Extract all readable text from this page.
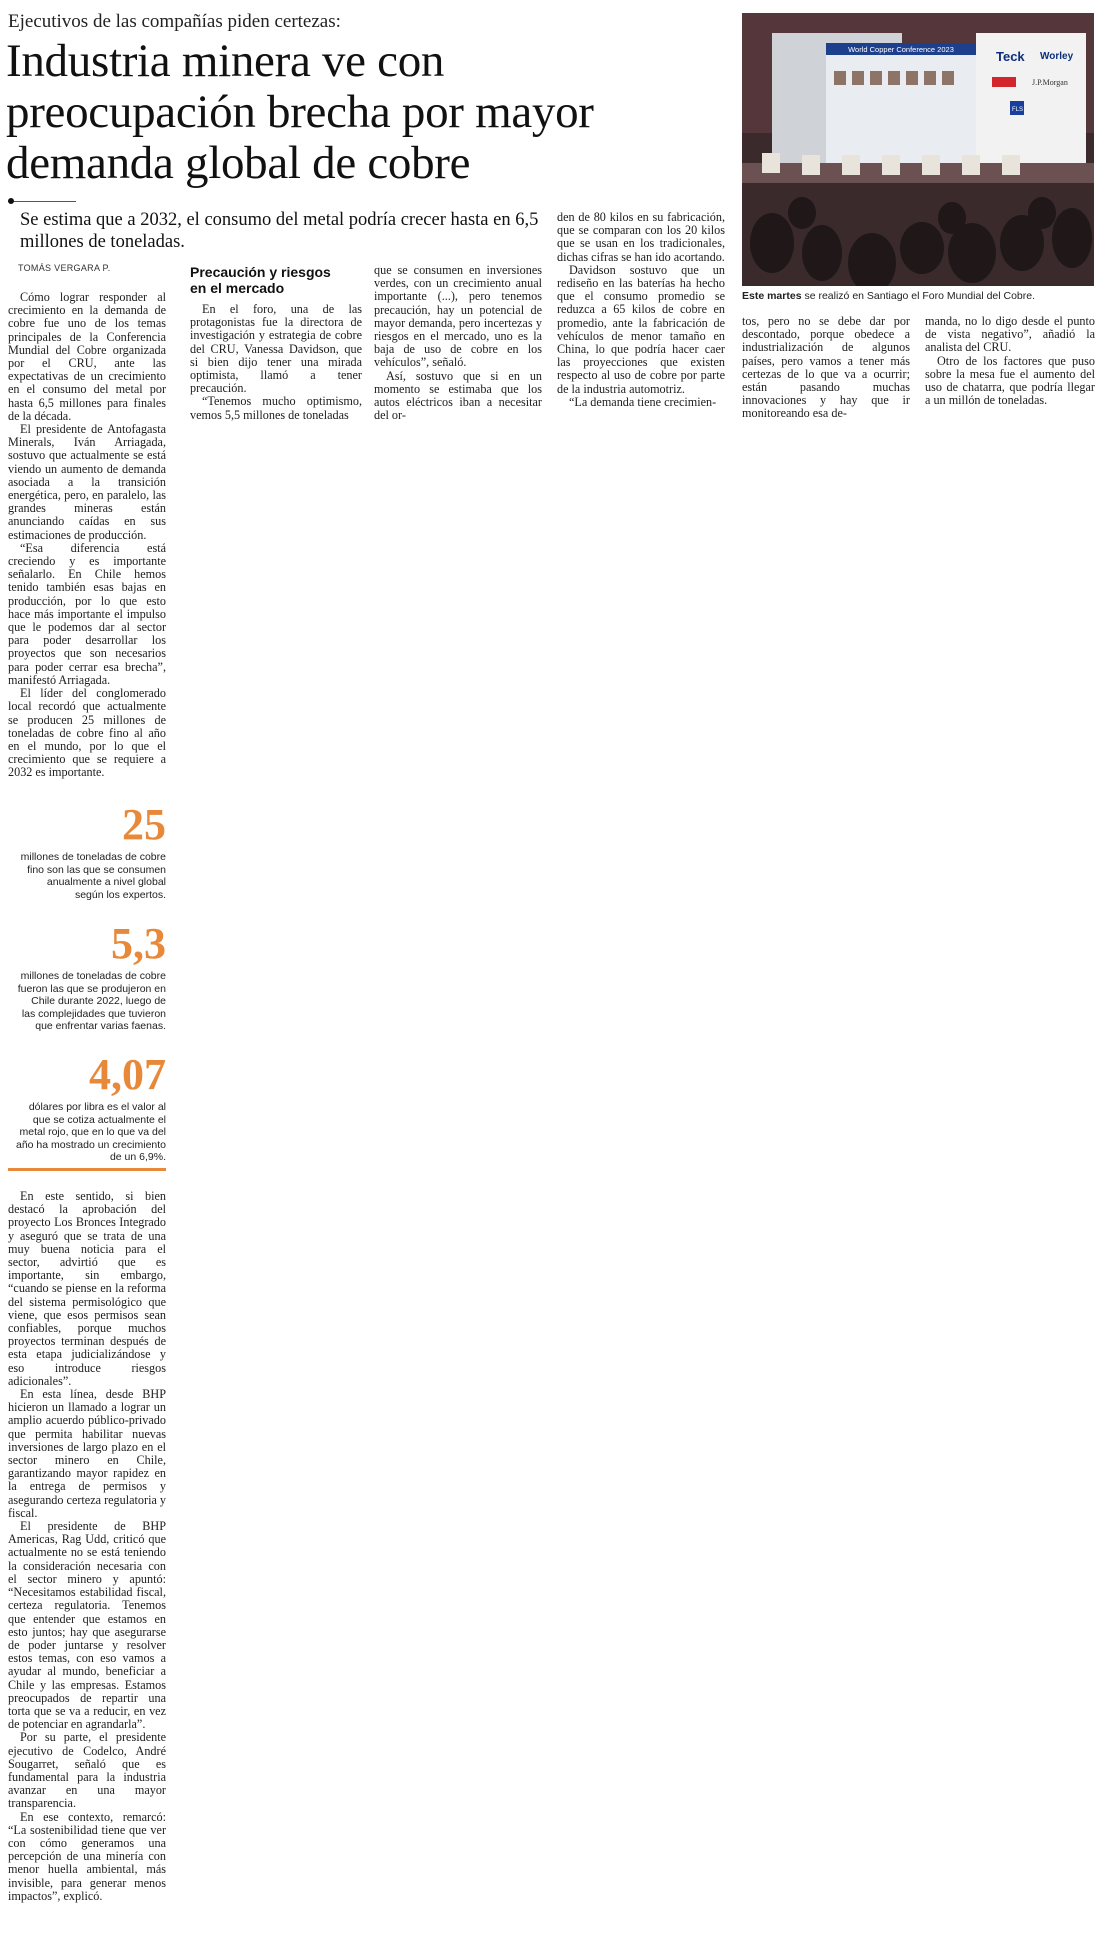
Ejecutivos de las compañías piden certezas:
Industria minera ve con
preocupación brecha por mayor
demanda global de cobre
Se estima que a 2032, el consumo del metal podría crecer hasta en 6,5 millones de toneladas.
TOMÁS VERGARA P.

Cómo lograr responder al crecimiento en la demanda de cobre fue uno de los temas principales de la Conferencia Mundial del Cobre organizada por el CRU, ante las expectativas de un crecimiento en el consumo del metal por hasta 6,5 millones para finales de la década.

El presidente de Antofagasta Minerals, Iván Arriagada, sostuvo que actualmente se está viendo un aumento de demanda asociada a la transición energética, pero, en paralelo, las grandes mineras están anunciando caídas en sus estimaciones de producción.

“Esa diferencia está creciendo y es importante señalarlo. En Chile hemos tenido también esas bajas en producción, por lo que esto hace más importante el impulso que le podemos dar al sector para poder desarrollar los proyectos que son necesarios para poder cerrar esa brecha”, manifestó Arriagada.

El líder del conglomerado local recordó que actualmente se producen 25 millones de toneladas de cobre fino al año en el mundo, por lo que el crecimiento que se requiere a 2032 es importante.

25
millones de toneladas de cobre fino son las que se consumen anualmente a nivel global según los expertos.
5,3
millones de toneladas de cobre fueron las que se produjeron en Chile durante 2022, luego de las complejidades que tuvieron que enfrentar varias faenas.
4,07
dólares por libra es el valor al que se cotiza actualmente el metal rojo, que en lo que va del año ha mostrado un crecimiento de un 6,9%.

En este sentido, si bien destacó la aprobación del proyecto Los Bronces Integrado y aseguró que se trata de una muy buena noticia para el sector, advirtió que es importante, sin embargo, “cuando se piense en la reforma del sistema permisológico que viene, que esos permisos sean confiables, porque muchos proyectos terminan después de esta etapa judicializándose y eso introduce riesgos adicionales”.

En esta línea, desde BHP hicieron un llamado a lograr un amplio acuerdo público-privado que permita habilitar nuevas inversiones de largo plazo en el sector minero en Chile, garantizando mayor rapidez en la entrega de permisos y asegurando certeza regulatoria y fiscal.

El presidente de BHP Americas, Rag Udd, criticó que actualmente no se está teniendo la consideración necesaria con el sector minero y apuntó: “Necesitamos estabilidad fiscal, certeza regulatoria. Tenemos que entender que estamos en esto juntos; hay que asegurarse de poder juntarse y resolver estos temas, con eso vamos a ayudar al mundo, beneficiar a Chile y las empresas. Estamos preocupados de repartir una torta que se va a reducir, en vez de potenciar en agrandarla”.

Por su parte, el presidente ejecutivo de Codelco, André Sougarret, señaló que es fundamental para la industria avanzar en una mayor transparencia.

En ese contexto, remarcó: “La sostenibilidad tiene que ver con cómo generamos una percepción de una minería con menor huella ambiental, más invisible, para generar menos impactos”, explicó.

Precaución y riesgos en el mercado

En el foro, una de las protagonistas fue la directora de investigación y estrategia de cobre del CRU, Vanessa Davidson, que si bien dijo tener una mirada optimista, llamó a tener precaución.

“Tenemos mucho optimismo, vemos 5,5 millones de toneladas

que se consumen en inversiones verdes, con un crecimiento anual importante (...), pero tenemos precaución, hay un potencial de mayor demanda, pero incertezas y riesgos en el mercado, uno es la baja de uso de cobre en los vehículos”, señaló.

Así, sostuvo que si en un momento se estimaba que los autos eléctricos iban a necesitar del or-

den de 80 kilos en su fabricación, que se comparan con los 20 kilos que se usan en los tradicionales, dichas cifras se han ido acortando.

Davidson sostuvo que un rediseño en las baterías ha hecho que el consumo promedio se reduzca a 65 kilos de cobre en promedio, ante la fabricación de vehículos de menor tamaño en China, lo que podría hacer caer las proyecciones que existen respecto al uso de cobre por parte de la industria automotriz.

“La demanda tiene crecimien-

World Copper Conference 2023	Teck Worley
J.P.Morgan
FLS
Este martes se realizó en Santiago el Foro Mundial del Cobre.

tos, pero no se debe dar por descontado, porque obedece a industrialización de algunos países, pero vamos a tener más certezas de lo que va a ocurrir; están pasando muchas innovaciones y hay que ir monitoreando esa de-

manda, no lo digo desde el punto de vista negativo”, añadió la analista del CRU.

Otro de los factores que puso sobre la mesa fue el aumento del uso de chatarra, que podría llegar a un millón de toneladas.
